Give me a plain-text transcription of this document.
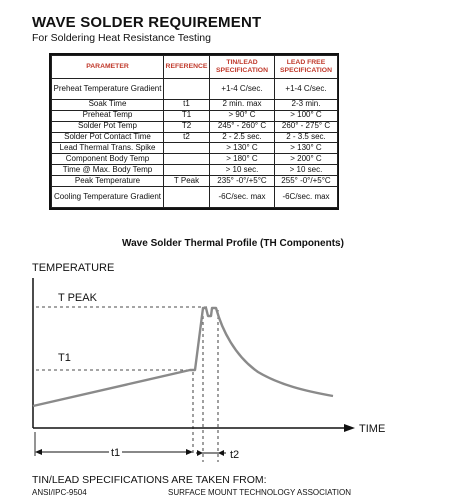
WAVE SOLDER REQUIREMENT
For Soldering Heat Resistance Testing
PARAMETER	REFERENCE	TIN/LEAD SPECIFICATION	LEAD FREE SPECIFICATION
Preheat Temperature Gradient		+1-4 C/sec.	+1-4 C/sec.
Soak Time	t1	2 min. max	2-3 min.
Preheat Temp	T1	> 90° C	> 100° C
Solder Pot Temp	T2	245° - 260° C	260° - 275° C
Solder Pot Contact Time	t2	2 - 2.5 sec.	2 - 3.5 sec.
Lead Thermal Trans. Spike		> 130° C	> 130° C
Component Body Temp		> 180° C	> 200° C
Time @ Max. Body Temp		> 10 sec.	> 10 sec.
Peak Temperature	T Peak	235° -0°/+5°C	255° -0°/+5°C
Cooling Temperature Gradient		-6C/sec. max	-6C/sec. max
Wave Solder Thermal Profile (TH Components)
TEMPERATURE
TIME
T PEAK
T1
t1	t2
TIN/LEAD SPECIFICATIONS ARE TAKEN FROM:
ANSI/IPC-9504	SURFACE MOUNT TECHNOLOGY ASSOCIATION
